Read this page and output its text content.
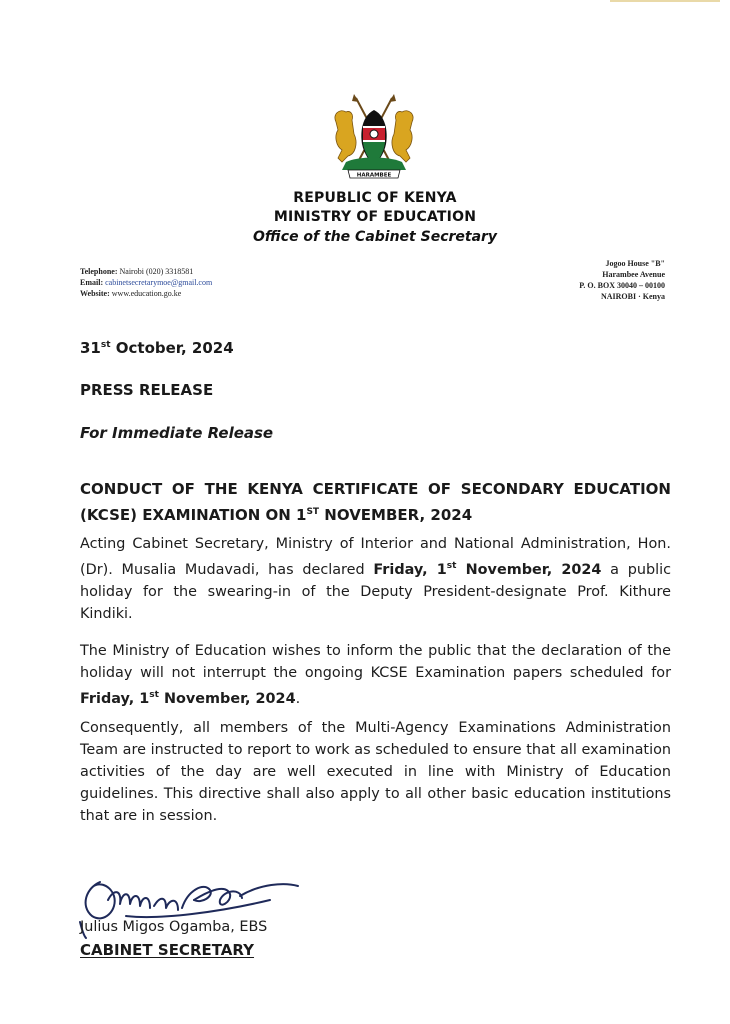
HARAMBEE
REPUBLIC OF KENYA
MINISTRY OF EDUCATION
Office of the Cabinet Secretary
Telephone: Nairobi (020) 3318581
Email: cabinetsecretarymoe@gmail.com
Website: www.education.go.ke
Jogoo House "B"
Harambee Avenue
P. O. BOX 30040 – 00100
NAIROBI · Kenya
31st October, 2024
PRESS RELEASE
For Immediate Release
CONDUCT OF THE KENYA CERTIFICATE OF SECONDARY EDUCATION (KCSE) EXAMINATION ON 1ST NOVEMBER, 2024
Acting Cabinet Secretary, Ministry of Interior and National Administration, Hon. (Dr). Musalia Mudavadi, has declared Friday, 1st November, 2024 a public holiday for the swearing-in of the Deputy President-designate Prof. Kithure Kindiki.
The Ministry of Education wishes to inform the public that the declaration of the holiday will not interrupt the ongoing KCSE Examination papers scheduled for Friday, 1st November, 2024.
Consequently, all members of the Multi-Agency Examinations Administration Team are instructed to report to work as scheduled to ensure that all examination activities of the day are well executed in line with Ministry of Education guidelines. This directive shall also apply to all other basic education institutions that are in session.
Julius Migos Ogamba, EBS
CABINET SECRETARY
